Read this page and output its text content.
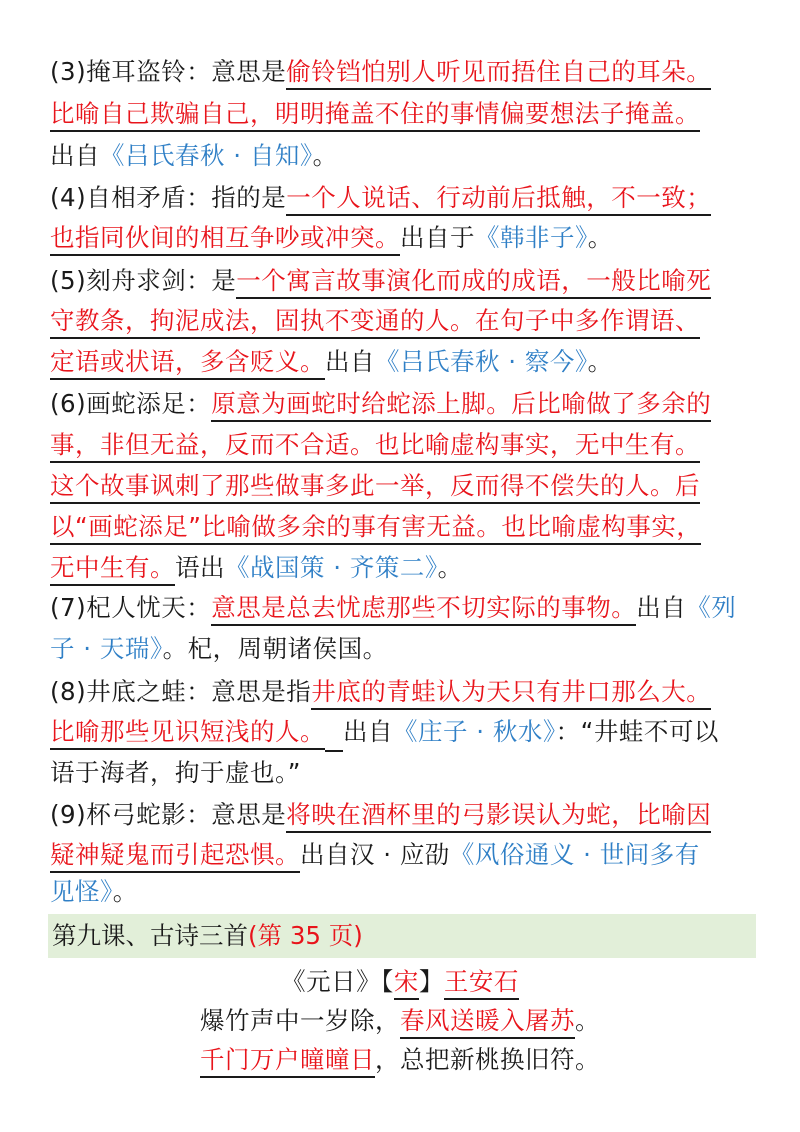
(3)掩耳盗铃：意思是偷铃铛怕别人听见而捂住自己的耳朵。
比喻自己欺骗自己，明明掩盖不住的事情偏要想法子掩盖。
出自《吕氏春秋 · 自知》。
(4)自相矛盾：指的是一个人说话、行动前后抵触，不一致；
也指同伙间的相互争吵或冲突。出自于《韩非子》。
(5)刻舟求剑：是一个寓言故事演化而成的成语，一般比喻死
守教条，拘泥成法，固执不变通的人。在句子中多作谓语、
定语或状语，多含贬义。出自《吕氏春秋 · 察今》。
(6)画蛇添足：原意为画蛇时给蛇添上脚。后比喻做了多余的
事，非但无益，反而不合适。也比喻虚构事实，无中生有。
这个故事讽刺了那些做事多此一举，反而得不偿失的人。后
以“画蛇添足”比喻做多余的事有害无益。也比喻虚构事实，
无中生有。语出《战国策 · 齐策二》。
(7)杞人忧天：意思是总去忧虑那些不切实际的事物。出自《列
子 · 天瑞》。杞，周朝诸侯国。
(8)井底之蛙：意思是指井底的青蛙认为天只有井口那么大。
比喻那些见识短浅的人。 出自《庄子 · 秋水》：“井蛙不可以
语于海者，拘于虚也。”
(9)杯弓蛇影：意思是将映在酒杯里的弓影误认为蛇，比喻因
疑神疑鬼而引起恐惧。出自汉 · 应劭《风俗通义 · 世间多有
见怪》。
第九课、古诗三首(第 35 页)
《元日》【宋】王安石
爆竹声中一岁除，春风送暖入屠苏。
千门万户曈曈日，总把新桃换旧符。
